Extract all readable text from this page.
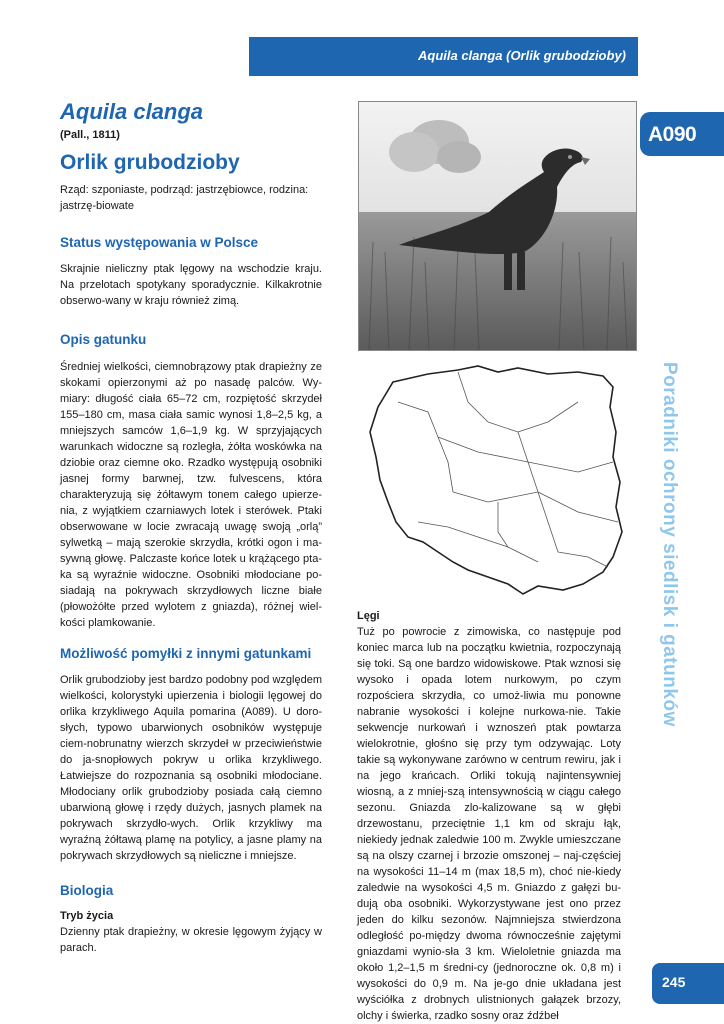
Aquila clanga (Orlik grubodzioby)
A090
Poradniki ochrony siedlisk i gatunków
Aquila clanga
(Pall., 1811)
Orlik grubodzioby

Rząd: szponiaste, podrząd: jastrzębiowce, rodzina: jastrzę-biowate

Status występowania w Polsce

Skrajnie nieliczny ptak lęgowy na wschodzie kraju. Na przelotach spotykany sporadycznie. Kilkakrotnie obserwo-wany w kraju również zimą.

Opis gatunku

Średniej wielkości, ciemnobrązowy ptak drapieżny ze skokami opierzonymi aż po nasadę palców. Wy-miary: długość ciała 65–72 cm, rozpiętość skrzydeł 155–180 cm, masa ciała samic wynosi 1,8–2,5 kg, a mniejszych samców 1,6–1,9 kg. W sprzyjających warunkach widoczne są rozległa, żółta woskówka na dziobie oraz ciemne oko. Rzadko występują osobniki jasnej formy barwnej, tzw. fulvescens, która charakteryzują się żółtawym tonem całego upierze-nia, z wyjątkiem czarniawych lotek i sterówek. Ptaki obserwowane w locie zwracają uwagę swoją „orlą” sylwetką – mają szerokie skrzydła, krótki ogon i ma-sywną głowę. Palczaste końce lotek u krążącego pta-ka są wyraźnie widoczne. Osobniki młodociane po-siadają na pokrywach skrzydłowych liczne białe (płowożółte przed wylotem z gniazda), różnej wiel-kości plamkowanie.

Możliwość pomyłki z innymi gatunkami

Orlik grubodzioby jest bardzo podobny pod względem wielkości, kolorystyki upierzenia i biologii lęgowej do orlika krzykliwego Aquila pomarina (A089). U doro-słych, typowo ubarwionych osobników występuje ciem-nobrunatny wierzch skrzydeł w przeciwieństwie do ja-snopłowych pokryw u orlika krzykliwego. Łatwiejsze do rozpoznania są osobniki młodociane. Młodociany orlik grubodzioby posiada całą ciemno ubarwioną głowę i rzędy dużych, jasnych plamek na pokrywach skrzydło-wych. Orlik krzykliwy ma wyraźną żółtawą plamę na potylicy, a jasne plamy na pokrywach skrzydłowych są nieliczne i mniejsze.

Biologia

Tryb życia

Dzienny ptak drapieżny, w okresie lęgowym żyjący w parach.

Lęgi

Tuż po powrocie z zimowiska, co następuje pod koniec marca lub na początku kwietnia, rozpoczynają się toki. Są one bardzo widowiskowe. Ptak wznosi się wysoko i opada lotem nurkowym, po czym rozpościera skrzydła, co umoż-liwia mu ponowne nabranie wysokości i kolejne nurkowa-nie. Takie sekwencje nurkowań i wznoszeń ptak powtarza wielokrotnie, głośno się przy tym odzywając. Loty takie są wykonywane zarówno w centrum rewiru, jak i na jego krańcach. Orliki tokują najintensywniej wiosną, a z mniej-szą intensywnością w ciągu całego sezonu. Gniazda zlo-kalizowane są w głębi drzewostanu, przeciętnie 1,1 km od skraju łąk, niekiedy jednak zaledwie 100 m. Zwykle umieszczane są na olszy czarnej i brzozie omszonej – naj-częściej na wysokości 11–14 m (max 18,5 m), choć nie-kiedy zaledwie na wysokości 4,5 m. Gniazdo z gałęzi bu-dują oba osobniki. Wykorzystywane jest ono przez jeden do kilku sezonów. Najmniejsza stwierdzona odległość po-między dwoma równocześnie zajętymi gniazdami wynio-sła 3 km. Wieloletnie gniazda ma około 1,2–1,5 m średni-cy (jednoroczne ok. 0,8 m) i wysokości do 0,9 m. Na je-go dnie układana jest wyściółka z drobnych ulistnionych gałązek brzozy, olchy i świerka, rzadko sosny oraz źdźbeł

245
